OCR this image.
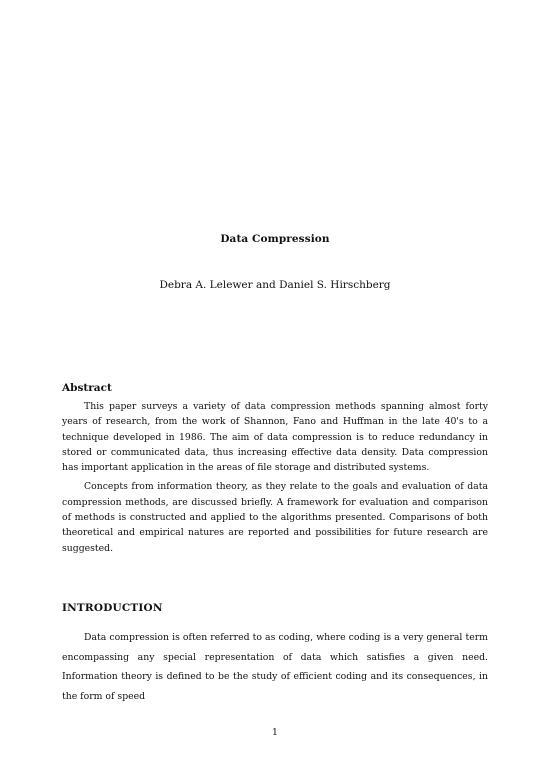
Data Compression
Debra A. Lelewer and Daniel S. Hirschberg
Abstract

This paper surveys a variety of data compression methods spanning almost forty years of research, from the work of Shannon, Fano and Huffman in the late 40's to a technique developed in 1986. The aim of data compression is to reduce redundancy in stored or communicated data, thus increasing effective data density. Data compression has important application in the areas of file storage and distributed systems.

Concepts from information theory, as they relate to the goals and evaluation of data compression methods, are discussed briefly. A framework for evaluation and comparison of methods is constructed and applied to the algorithms presented. Comparisons of both theoretical and empirical natures are reported and possibilities for future research are suggested.

INTRODUCTION

Data compression is often referred to as coding, where coding is a very general term encompassing any special representation of data which satisfies a given need. Information theory is defined to be the study of efficient coding and its consequences, in the form of speed

1
